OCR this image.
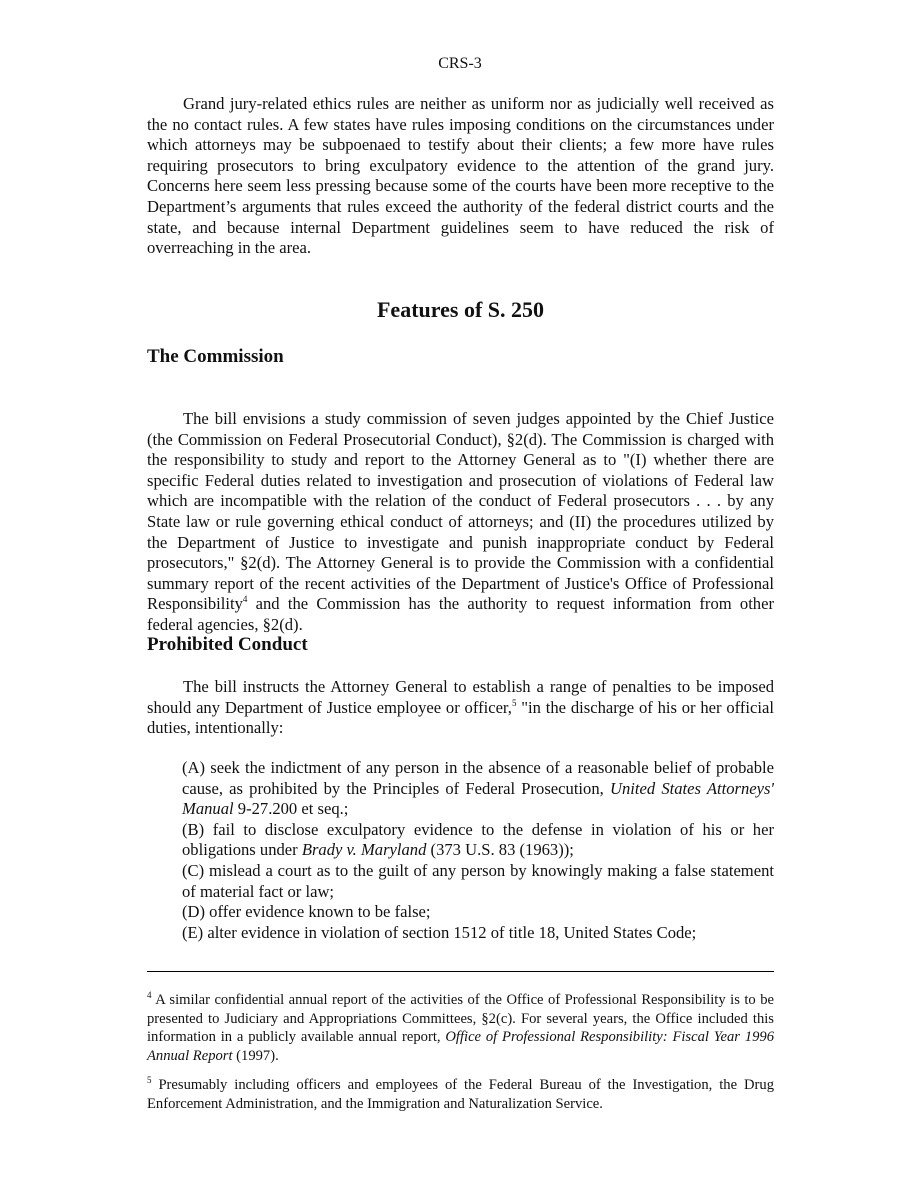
CRS-3

Grand jury-related ethics rules are neither as uniform nor as judicially well received as the no contact rules. A few states have rules imposing conditions on the circumstances under which attorneys may be subpoenaed to testify about their clients; a few more have rules requiring prosecutors to bring exculpatory evidence to the attention of the grand jury. Concerns here seem less pressing because some of the courts have been more receptive to the Department’s arguments that rules exceed the authority of the federal district courts and the state, and because internal Department guidelines seem to have reduced the risk of overreaching in the area.

Features of S. 250
The Commission

The bill envisions a study commission of seven judges appointed by the Chief Justice (the Commission on Federal Prosecutorial Conduct), §2(d). The Commission is charged with the responsibility to study and report to the Attorney General as to "(I) whether there are specific Federal duties related to investigation and prosecution of violations of Federal law which are incompatible with the relation of the conduct of Federal prosecutors . . . by any State law or rule governing ethical conduct of attorneys; and (II) the procedures utilized by the Department of Justice to investigate and punish inappropriate conduct by Federal prosecutors," §2(d). The Attorney General is to provide the Commission with a confidential summary report of the recent activities of the Department of Justice's Office of Professional Responsibility$^4$ and the Commission has the authority to request information from other federal agencies, §2(d).

Prohibited Conduct

The bill instructs the Attorney General to establish a range of penalties to be imposed should any Department of Justice employee or officer,$^5$ "in the discharge of his or her official duties, intentionally:

(A) seek the indictment of any person in the absence of a reasonable belief of probable cause, as prohibited by the Principles of Federal Prosecution, United States Attorneys' Manual 9-27.200 et seq.;
(B) fail to disclose exculpatory evidence to the defense in violation of his or her obligations under Brady v. Maryland (373 U.S. 83 (1963));
(C) mislead a court as to the guilt of any person by knowingly making a false statement of material fact or law;
(D) offer evidence known to be false;
(E) alter evidence in violation of section 1512 of title 18, United States Code;
$^4$ A similar confidential annual report of the activities of the Office of Professional Responsibility is to be presented to Judiciary and Appropriations Committees, §2(c). For several years, the Office included this information in a publicly available annual report, Office of Professional Responsibility: Fiscal Year 1996 Annual Report (1997).
$^5$ Presumably including officers and employees of the Federal Bureau of the Investigation, the Drug Enforcement Administration, and the Immigration and Naturalization Service.
